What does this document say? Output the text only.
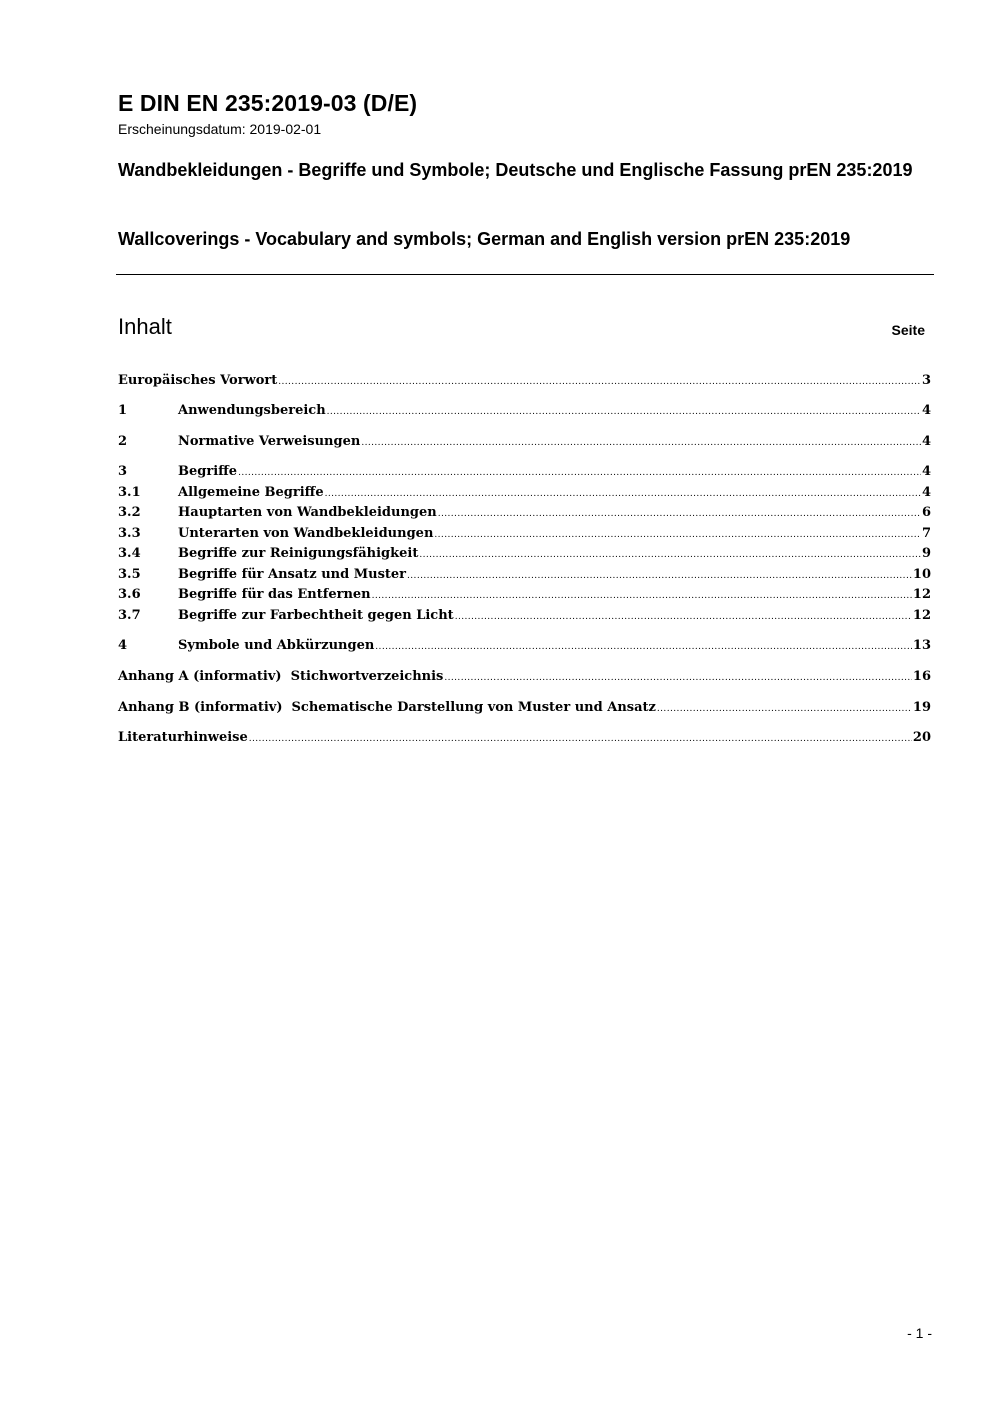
E DIN EN 235:2019-03 (D/E)
Erscheinungsdatum: 2019-02-01
Wandbekleidungen - Begriffe und Symbole; Deutsche und Englische Fassung prEN 235:2019
Wallcoverings - Vocabulary and symbols; German and English version prEN 235:2019
Inhalt	Seite
Europäisches Vorwort .....	3
1	Anwendungsbereich .....	4
2	Normative Verweisungen .....	4
3	Begriffe .....	4
3.1	Allgemeine Begriffe .....	4
3.2	Hauptarten von Wandbekleidungen .....	6
3.3	Unterarten von Wandbekleidungen .....	7
3.4	Begriffe zur Reinigungsfähigkeit .....	9
3.5	Begriffe für Ansatz und Muster .....	10
3.6	Begriffe für das Entfernen .....	12
3.7	Begriffe zur Farbechtheit gegen Licht .....	12
4	Symbole und Abkürzungen .....	13
Anhang A (informativ)  Stichwortverzeichnis .....	16
Anhang B (informativ)  Schematische Darstellung von Muster und Ansatz .....	19
Literaturhinweise .....	20
- 1 -
